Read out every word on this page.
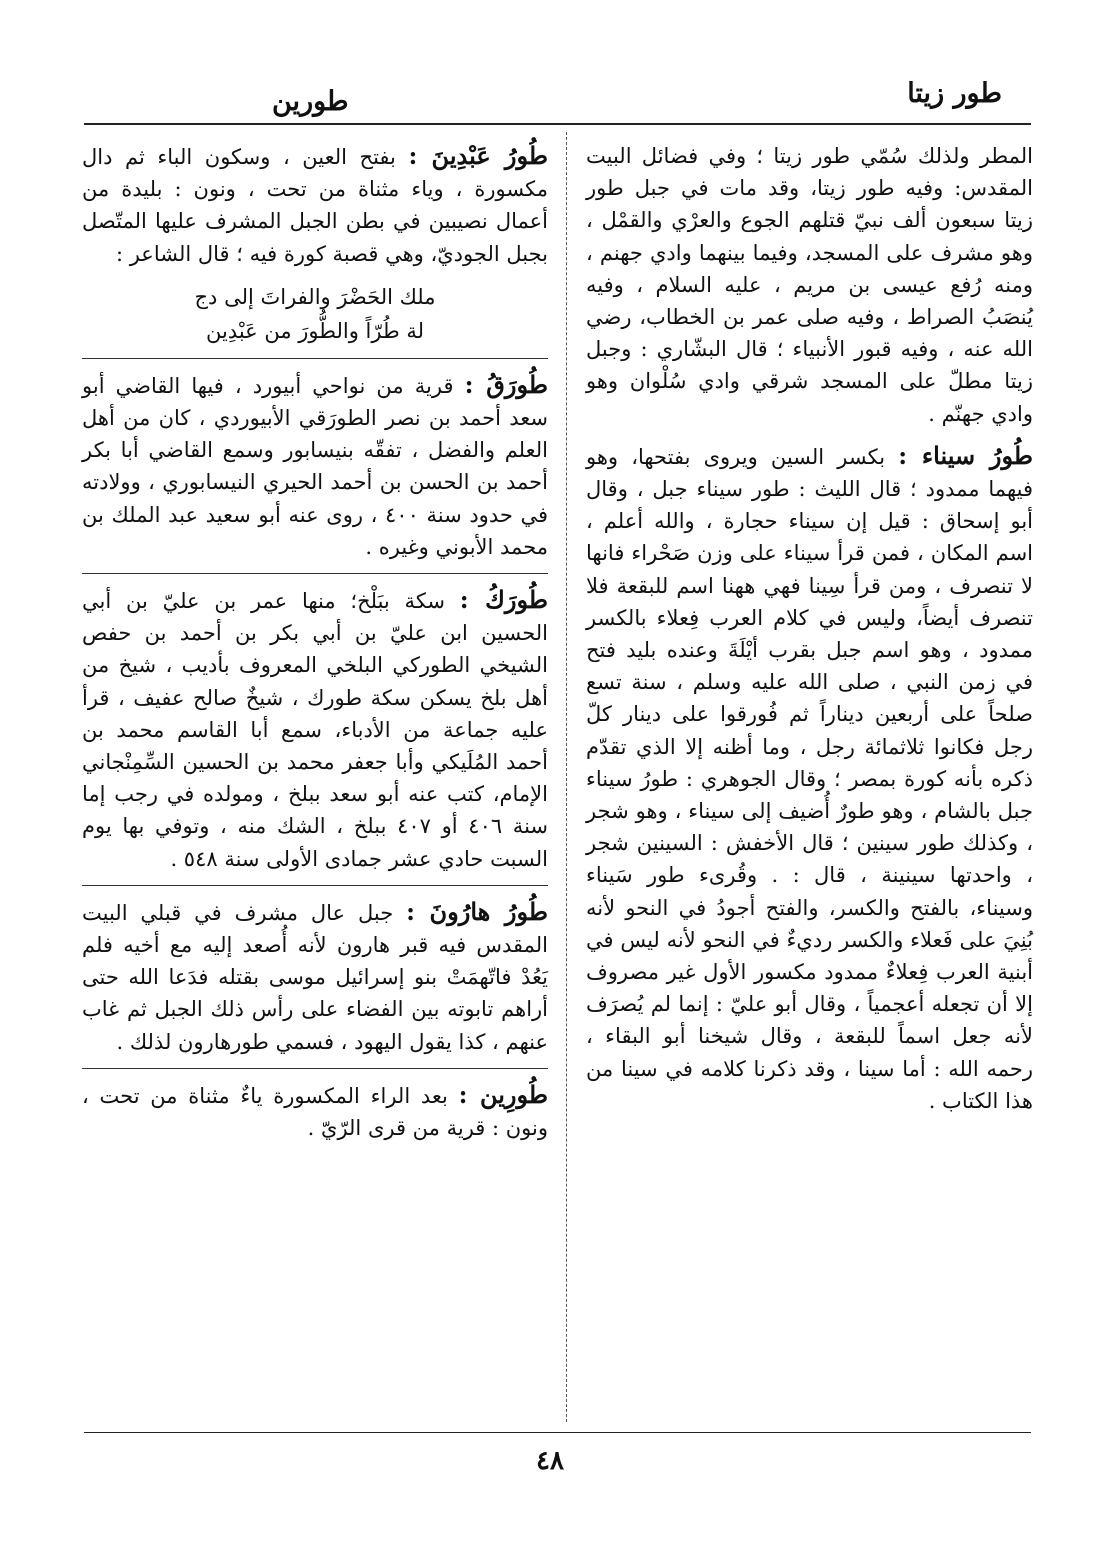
طور زيتا
طورين

المطر ولذلك سُمّي طور زيتا ؛ وفي فضائل البيت المقدس: وفيه طور زيتا، وقد مات في جبل طور زيتا سبعون ألف نبيّ قتلهم الجوع والعرْي والقمْل ، وهو مشرف على المسجد، وفيما بينهما وادي جهنم ، ومنه رُفع عيسى بن مريم ، عليه السلام ، وفيه يُنصَبُ الصراط ، وفيه صلى عمر بن الخطاب، رضي الله عنه ، وفيه قبور الأنبياء ؛ قال البشّاري : وجبل زيتا مطلّ على المسجد شرقي وادي سُلْوان وهو وادي جهنّم .

طُورُ سيناء : بكسر السين ويروى بفتحها، وهو فيهما ممدود ؛ قال الليث : طور سيناء جبل ، وقال أبو إسحاق : قيل إن سيناء حجارة ، والله أعلم ، اسم المكان ، فمن قرأ سيناء على وزن صَحْراء فانها لا تنصرف ، ومن قرأ سِينا فهي ههنا اسم للبقعة فلا تنصرف أيضاً، وليس في كلام العرب فِعلاء بالكسر ممدود ، وهو اسم جبل بقرب أيْلَةَ وعنده بليد فتح في زمن النبي ، صلى الله عليه وسلم ، سنة تسع صلحاً على أربعين ديناراً ثم فُورقوا على دينار كلّ رجل فكانوا ثلاثمائة رجل ، وما أظنه إلا الذي تقدّم ذكره بأنه كورة بمصر ؛ وقال الجوهري : طورُ سيناء جبل بالشام ، وهو طورٌ أُضيف إلى سيناء ، وهو شجر ، وكذلك طور سينين ؛ قال الأخفش : السينين شجر ، واحدتها سينينة ، قال : . وقُرىء طور سَيناء وسيناء، بالفتح والكسر، والفتح أجودُ في النحو لأنه بُنِيَ على فَعلاء والكسر رديءٌ في النحو لأنه ليس في أبنية العرب فِعلاءٌ ممدود مكسور الأول غير مصروف إلا أن تجعله أعجمياً ، وقال أبو عليّ : إنما لم يُصرَف لأنه جعل اسماً للبقعة ، وقال شيخنا أبو البقاء ، رحمه الله : أما سينا ، وقد ذكرنا كلامه في سينا من هذا الكتاب .

طُورُ عَبْدِينَ : بفتح العين ، وسكون الباء ثم دال مكسورة ، وياء مثناة من تحت ، ونون : بليدة من أعمال نصيبين في بطن الجبل المشرف عليها المتّصل بجبل الجوديّ، وهي قصبة كورة فيه ؛ قال الشاعر :

ملك الحَضْرَ والفراتَ إلى دج
لة طُرّاً والطُّورَ من عَبْدِين

طُورَقُ : قرية من نواحي أبيورد ، فيها القاضي أبو سعد أحمد بن نصر الطورَقي الأبيوردي ، كان من أهل العلم والفضل ، تفقّه بنيسابور وسمع القاضي أبا بكر أحمد بن الحسن بن أحمد الحيري النيسابوري ، وولادته في حدود سنة ٤٠٠ ، روى عنه أبو سعيد عبد الملك بن محمد الأبوني وغيره .

طُورَكُ : سكة ببَلْخ؛ منها عمر بن عليّ بن أبي الحسين ابن عليّ بن أبي بكر بن أحمد بن حفص الشيخي الطوركي البلخي المعروف بأديب ، شيخ من أهل بلخ يسكن سكة طورك ، شيخٌ صالح عفيف ، قرأ عليه جماعة من الأدباء، سمع أبا القاسم محمد بن أحمد المُلَيكي وأبا جعفر محمد بن الحسين السِّمِنْجاني الإمام، كتب عنه أبو سعد ببلخ ، ومولده في رجب إما سنة ٤٠٦ أو ٤٠٧ ببلخ ، الشك منه ، وتوفي بها يوم السبت حادي عشر جمادى الأولى سنة ٥٤٨ .

طُورُ هارُونَ : جبل عال مشرف في قبلي البيت المقدس فيه قبر هارون لأنه أُصعد إليه مع أخيه فلم يَعُدْ فاتّهمَتْ بنو إسرائيل موسى بقتله فدَعا الله حتى أراهم تابوته بين الفضاء على رأس ذلك الجبل ثم غاب عنهم ، كذا يقول اليهود ، فسمي طورهارون لذلك .

طُورِين : بعد الراء المكسورة ياءٌ مثناة من تحت ، ونون : قرية من قرى الرّيّ .

٤٨
